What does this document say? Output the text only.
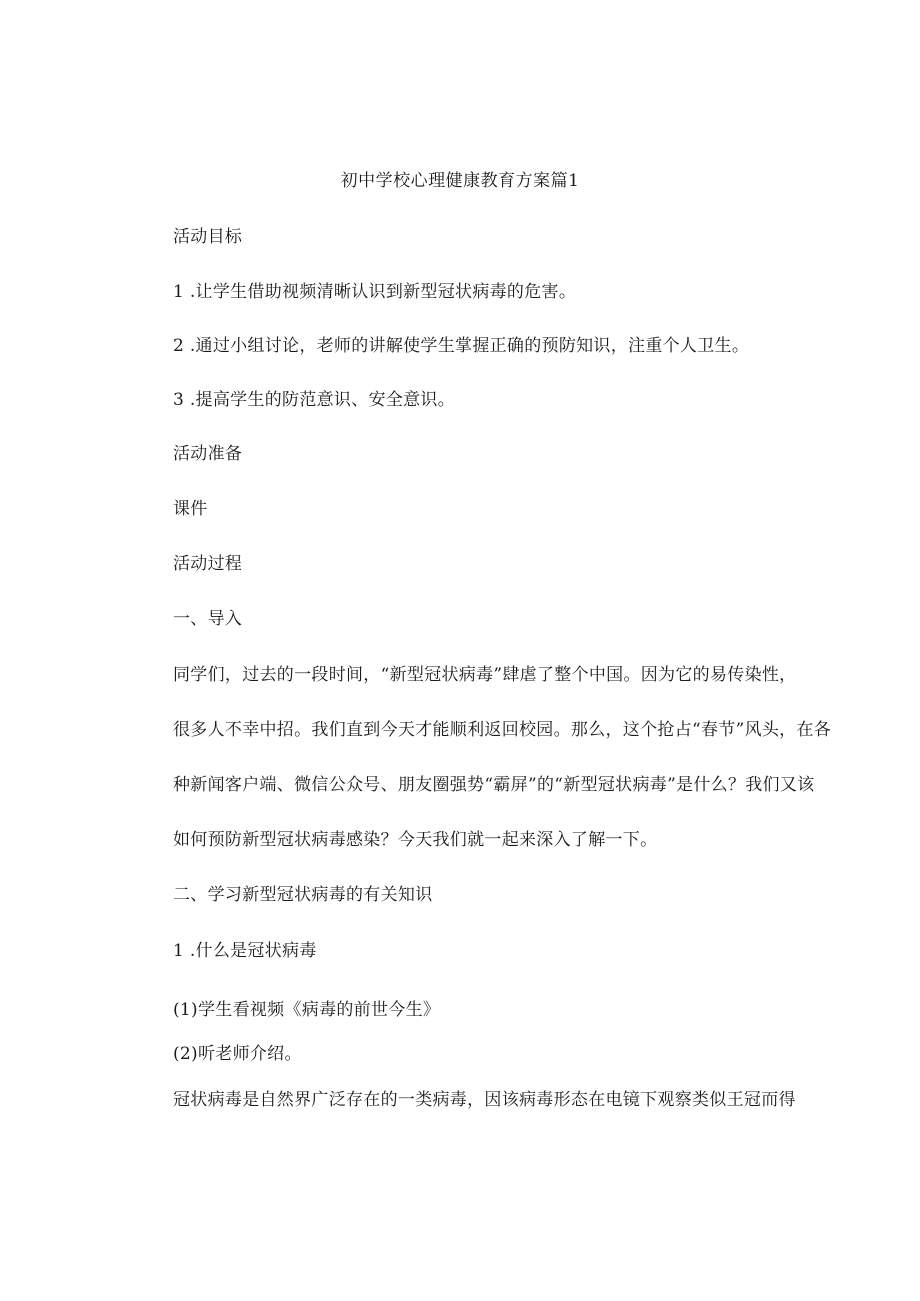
初中学校心理健康教育方案篇1
活动目标
1 .让学生借助视频清晰认识到新型冠状病毒的危害。
2 .通过小组讨论，老师的讲解使学生掌握正确的预防知识，注重个人卫生。
3 .提高学生的防范意识、安全意识。
活动准备
课件
活动过程
一、导入
同学们，过去的一段时间，“新型冠状病毒”肆虐了整个中国。因为它的易传染性，
很多人不幸中招。我们直到今天才能顺利返回校园。那么，这个抢占“春节”风头，在各
种新闻客户端、微信公众号、朋友圈强势“霸屏”的“新型冠状病毒”是什么？我们又该
如何预防新型冠状病毒感染？今天我们就一起来深入了解一下。
二、学习新型冠状病毒的有关知识
1 .什么是冠状病毒
(1)学生看视频《病毒的前世今生》
(2)听老师介绍。
冠状病毒是自然界广泛存在的一类病毒，因该病毒形态在电镜下观察类似王冠而得
